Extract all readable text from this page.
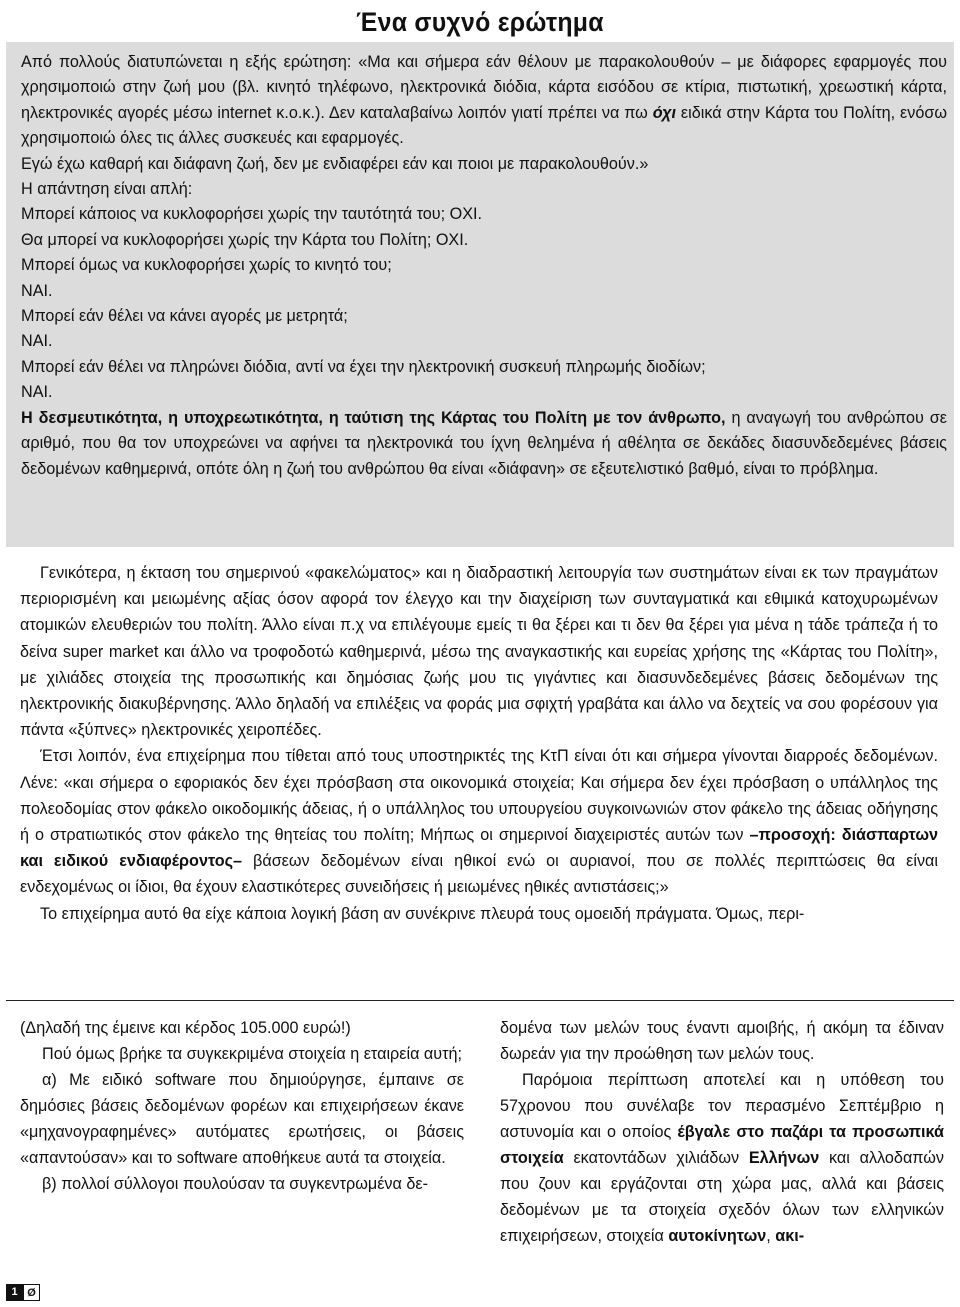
Ένα συχνό ερώτημα

Από πολλούς διατυπώνεται η εξής ερώτηση: «Μα και σήμερα εάν θέλουν με παρακολουθούν – με διάφορες εφαρμογές που χρησιμοποιώ στην ζωή μου (βλ. κινητό τηλέφωνο, ηλεκτρονικά διόδια, κάρτα εισόδου σε κτίρια, πιστωτική, χρεωστική κάρτα, ηλεκτρονικές αγορές μέσω internet κ.ο.κ.). Δεν καταλαβαίνω λοιπόν γιατί πρέπει να πω όχι ειδικά στην Κάρτα του Πολίτη, ενόσω χρησιμοποιώ όλες τις άλλες συσκευές και εφαρμογές.

Εγώ έχω καθαρή και διάφανη ζωή, δεν με ενδιαφέρει εάν και ποιοι με παρακολουθούν.»

Η απάντηση είναι απλή:

Μπορεί κάποιος να κυκλοφορήσει χωρίς την ταυτότητά του; ΟΧΙ.

Θα μπορεί να κυκλοφορήσει χωρίς την Κάρτα του Πολίτη; ΟΧΙ.

Μπορεί όμως να κυκλοφορήσει χωρίς το κινητό του;

ΝΑΙ.

Μπορεί εάν θέλει να κάνει αγορές με μετρητά;

ΝΑΙ.

Μπορεί εάν θέλει να πληρώνει διόδια, αντί να έχει την ηλεκτρονική συσκευή πληρωμής διοδίων;

ΝΑΙ.

Η δεσμευτικότητα, η υποχρεωτικότητα, η ταύτιση της Κάρτας του Πολίτη με τον άνθρωπο, η αναγωγή του ανθρώπου σε αριθμό, που θα τον υποχρεώνει να αφήνει τα ηλεκτρονικά του ίχνη θελημένα ή αθέλητα σε δεκάδες διασυνδεδεμένες βάσεις δεδομένων καθημερινά, οπότε όλη η ζωή του ανθρώπου θα είναι «διάφανη» σε εξευτελιστικό βαθμό, είναι το πρόβλημα.

Γενικότερα, η έκταση του σημερινού «φακελώματος» και η διαδραστική λειτουργία των συστημάτων είναι εκ των πραγμάτων περιορισμένη και μειωμένης αξίας όσον αφορά τον έλεγχο και την διαχείριση των συνταγματικά και εθιμικά κατοχυρωμένων ατομικών ελευθεριών του πολίτη. Άλλο είναι π.χ να επιλέγουμε εμείς τι θα ξέρει και τι δεν θα ξέρει για μένα η τάδε τράπεζα ή το δείνα super market και άλλο να τροφοδοτώ καθημερινά, μέσω της αναγκαστικής και ευρείας χρήσης της «Κάρτας του Πολίτη», με χιλιάδες στοιχεία της προσωπικής και δημόσιας ζωής μου τις γιγάντιες και διασυνδεδεμένες βάσεις δεδομένων της ηλεκτρονικής διακυβέρνησης. Άλλο δηλαδή να επιλέξεις να φοράς μια σφιχτή γραβάτα και άλλο να δεχτείς να σου φορέσουν για πάντα «ξύπνες» ηλεκτρονικές χειροπέδες.

Έτσι λοιπόν, ένα επιχείρημα που τίθεται από τους υποστηρικτές της ΚτΠ είναι ότι και σήμερα γίνονται διαρροές δεδομένων. Λένε: «και σήμερα ο εφοριακός δεν έχει πρόσβαση στα οικονομικά στοιχεία; Και σήμερα δεν έχει πρόσβαση ο υπάλληλος της πολεοδομίας στον φάκελο οικοδομικής άδειας, ή ο υπάλληλος του υπουργείου συγκοινωνιών στον φάκελο της άδειας οδήγησης ή ο στρατιωτικός στον φάκελο της θητείας του πολίτη; Μήπως οι σημερινοί διαχειριστές αυτών των –προσοχή: διάσπαρτων και ειδικού ενδιαφέροντος– βάσεων δεδομένων είναι ηθικοί ενώ οι αυριανοί, που σε πολλές περιπτώσεις θα είναι ενδεχομένως οι ίδιοι, θα έχουν ελαστικότερες συνειδήσεις ή μειωμένες ηθικές αντιστάσεις;»

Το επιχείρημα αυτό θα είχε κάποια λογική βάση αν συνέκρινε πλευρά τους ομοειδή πράγματα. Όμως, περι-

(Δηλαδή της έμεινε και κέρδος 105.000 ευρώ!)

Πού όμως βρήκε τα συγκεκριμένα στοιχεία η εταιρεία αυτή;

α) Με ειδικό software που δημιούργησε, έμπαινε σε δημόσιες βάσεις δεδομένων φορέων και επιχειρήσεων έκανε «μηχανογραφημένες» αυτόματες ερωτήσεις, οι βάσεις «απαντούσαν» και το software αποθήκευε αυτά τα στοιχεία.

β) πολλοί σύλλογοι πουλούσαν τα συγκεντρωμένα δε-

δομένα των μελών τους έναντι αμοιβής, ή ακόμη τα έδιναν δωρεάν για την προώθηση των μελών τους.

Παρόμοια περίπτωση αποτελεί και η υπόθεση του 57χρονου που συνέλαβε τον περασμένο Σεπτέμβριο η αστυνομία και ο οποίος έβγαλε στο παζάρι τα προσωπικά στοιχεία εκατοντάδων χιλιάδων Ελλήνων και αλλοδαπών που ζουν και εργάζονται στη χώρα μας, αλλά και βάσεις δεδομένων με τα στοιχεία σχεδόν όλων των ελληνικών επιχειρήσεων, στοιχεία αυτοκίνητων, ακι-

1 Ø
